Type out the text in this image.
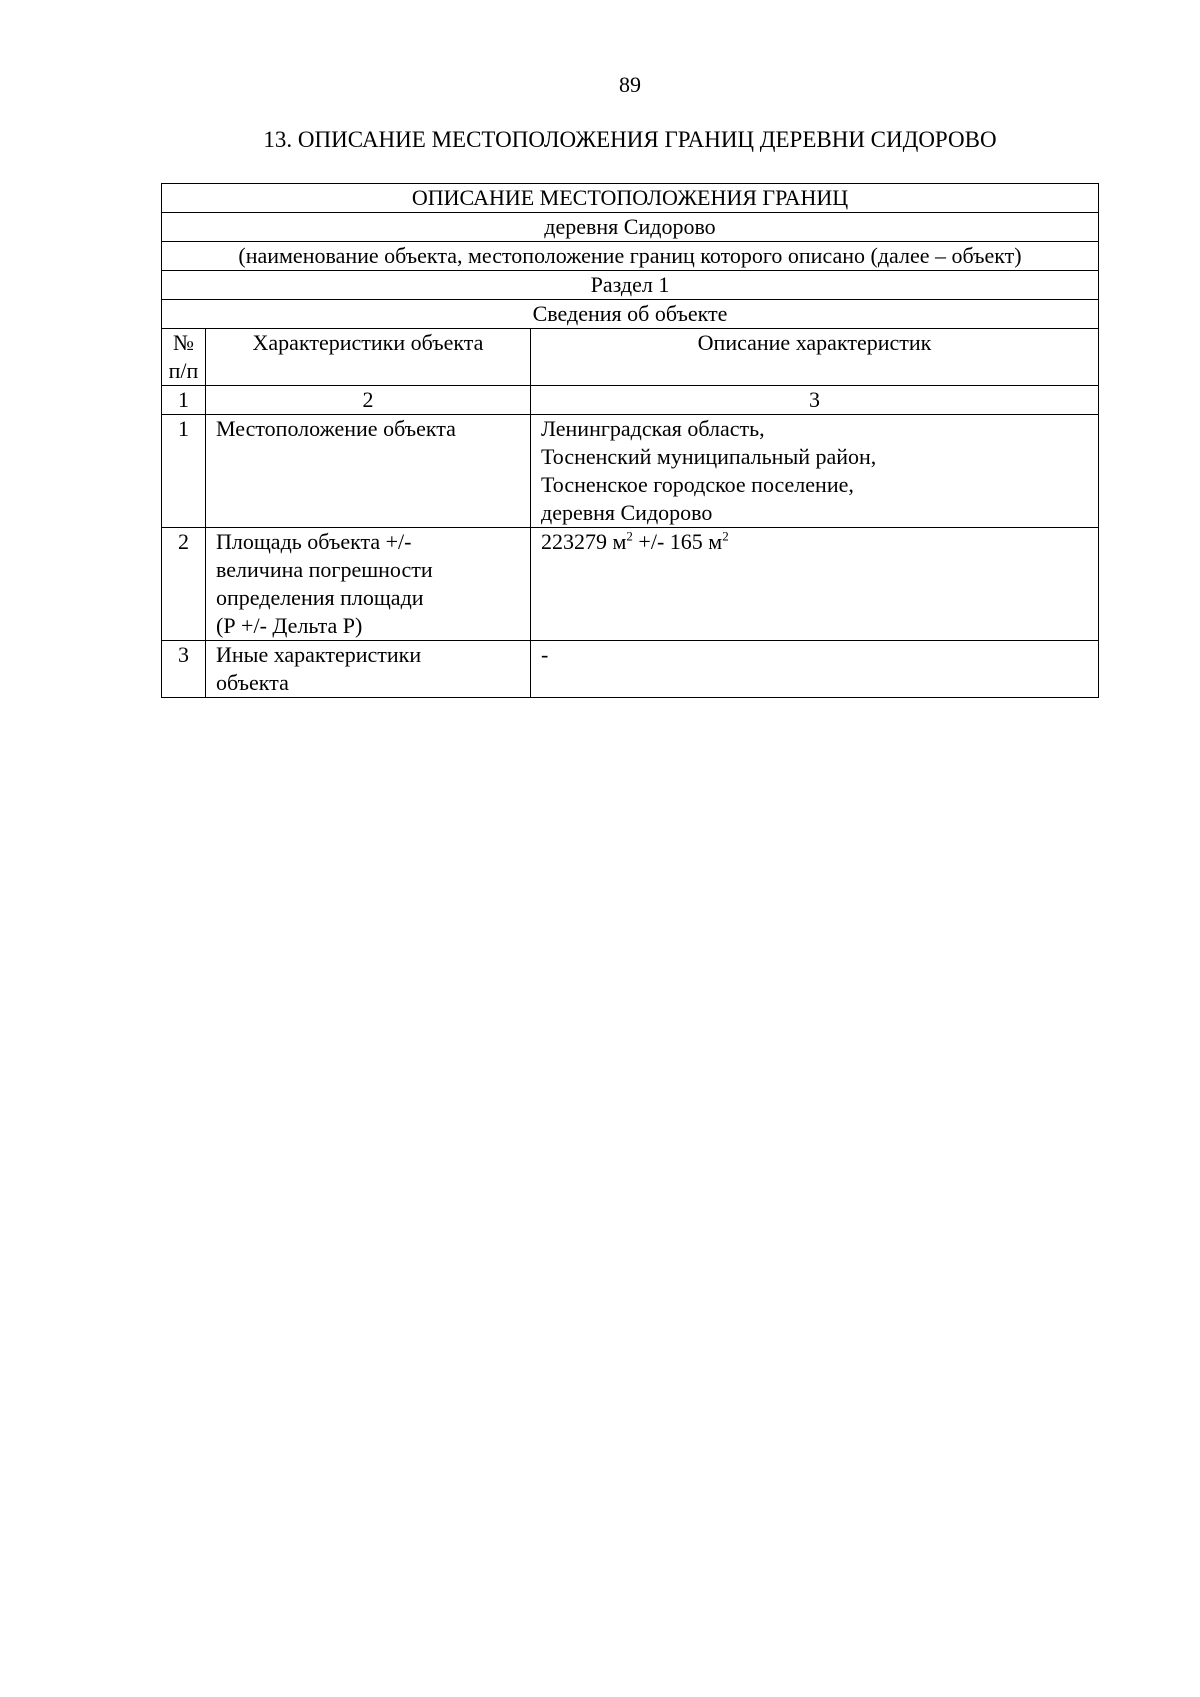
89
13. ОПИСАНИЕ МЕСТОПОЛОЖЕНИЯ ГРАНИЦ ДЕРЕВНИ СИДОРОВО
ОПИСАНИЕ МЕСТОПОЛОЖЕНИЯ ГРАНИЦ		
деревня Сидорово		
(наименование объекта, местоположение границ которого описано (далее – объект)		
Раздел 1		
Сведения об объекте		

№
п/п	Характеристики объекта	Описание характеристик
1	2	3
1	Местоположение объекта	Ленинградская область,
Тосненский муниципальный район,
Тосненское городское поселение,
деревня Сидорово

2	Площадь объекта +/-
величина погрешности
определения площади
(Р +/- Дельта Р)	223279 $м^2$ +/- 165 $м^2$
3	Иные характеристики
объекта	-
